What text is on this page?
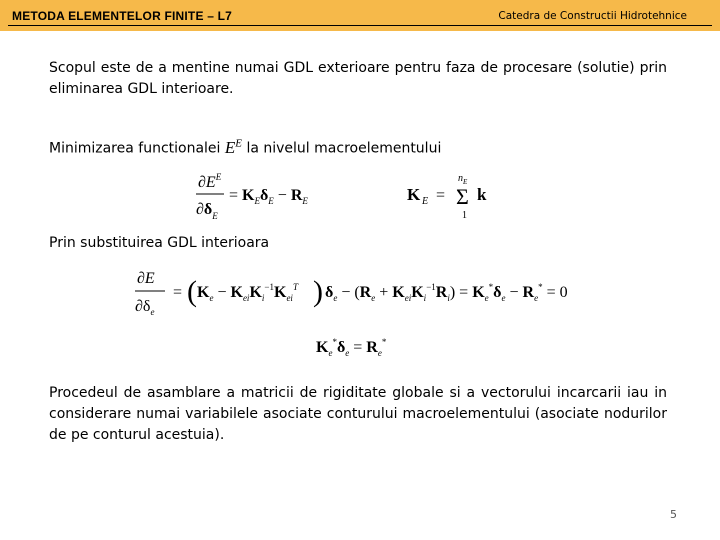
METODA ELEMENTELOR FINITE – L7	Catedra de Constructii Hidrotehnice
Scopul este de a mentine numai GDL exterioare pentru faza de procesare (solutie) prin eliminarea GDL interioare.
Minimizarea functionalei $E^E$ la nivelul macroelementului
$\partial E^E$
$\partial\delta_E$
= $K_E\delta_E - R_E$	K E =
$n_E$
Σ
1
k
Prin substituirea GDL interioara
∂E
$\partial\delta_e$
= ( $K_e - K_{ei}K_i^{-1}K_{ei}^T$ ) $\delta_e - (R_e + K_{ei}K_i^{-1}R_i) = K_e^*\delta_e - R_e^* = 0$
$K_e^*\delta_e = R_e^*$
Procedeul de asamblare a matricii de rigiditate globale si a vectorului incarcarii iau in considerare numai variabilele asociate conturului macroelementului (asociate nodurilor de pe conturul acestuia).
5
